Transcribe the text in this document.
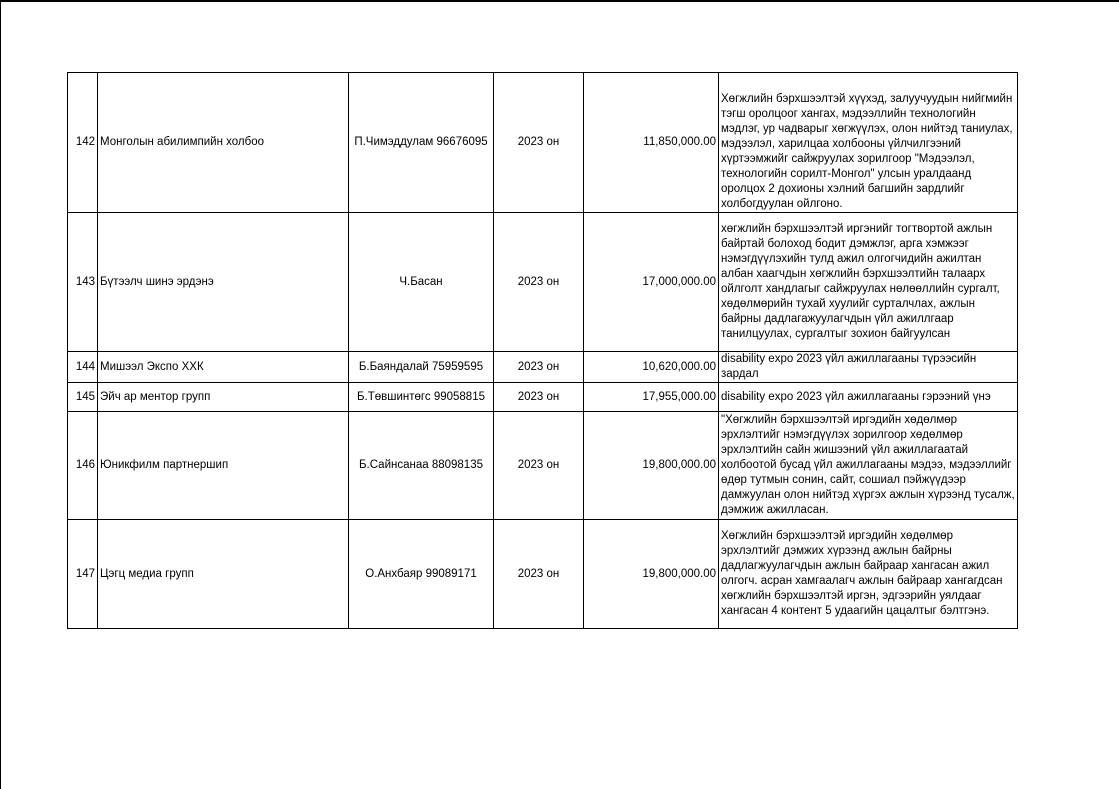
142	Монголын абилимпийн холбоо	П.Чимэддулам 96676095	2023 он	11,850,000.00	Хөгжлийн бэрхшээлтэй хүүхэд, залуучуудын нийгмийн тэгш оролцоог хангах, мэдээллийн технологийн мэдлэг, ур чадварыг хөгжүүлэх, олон нийтэд таниулах, мэдээлэл, харилцаа холбооны үйлчилгээний хүртээмжийг сайжруулах зорилгоор "Мэдээлэл, технологийн сорилт-Монгол" улсын уралдаанд оролцох 2 дохионы хэлний багшийн зардлийг холбогдуулан ойлгоно.
143	Бүтээлч шинэ эрдэнэ	Ч.Басан	2023 он	17,000,000.00	хөгжлийн бэрхшээлтэй иргэнийг тогтвортой ажлын байртай болоход бодит дэмжлэг, арга хэмжээг нэмэгдүүлэхийн тулд ажил олгогчидийн ажилтан албан хаагчдын хөгжлийн бэрхшээлтийн талаарх ойлголт хандлагыг сайжруулах нөлөөллийн сургалт, хөдөлмөрийн тухай хуулийг сурталчлах, ажлын байрны дадлагажуулагчдын үйл ажиллгаар танилцуулах, сургалтыг зохион байгуулсан
144	Мишээл Экспо ХХК	Б.Баяндалай 75959595	2023 он	10,620,000.00	disability expo 2023 үйл ажиллагааны түрээсийн зардал
145	Эйч ар ментор групп	Б.Төвшинтөгс 99058815	2023 он	17,955,000.00	disability expo 2023 үйл ажиллагааны гэрээний үнэ
146	Юникфилм партнершип	Б.Сайнсанаа 88098135	2023 он	19,800,000.00	"Хөгжлийн бэрхшээлтэй иргэдийн хөдөлмөр эрхлэлтийг нэмэгдүүлэх зорилгоор хөдөлмөр эрхлэлтийн сайн жишээний үйл ажиллагаатай холбоотой бусад үйл ажиллагааны мэдээ, мэдээллийг өдөр тутмын сонин, сайт, сошиал пэйжүүдээр дамжуулан олон нийтэд хүргэх ажлын хүрээнд тусалж, дэмжиж ажилласан.
147	Цэгц медиа групп	О.Анхбаяр 99089171	2023 он	19,800,000.00	Хөгжлийн бэрхшээлтэй иргэдийн хөдөлмөр эрхлэлтийг дэмжих хүрээнд ажлын байрны дадлагжуулагчдын ажлын байраар хангасан ажил олгогч. асран хамгаалагч ажлын байраар хангагдсан хөгжлийн бэрхшээлтэй иргэн, эдгээрийн уялдааг хангасан 4 контент 5 удаагийн цацалтыг бэлтгэнэ.
